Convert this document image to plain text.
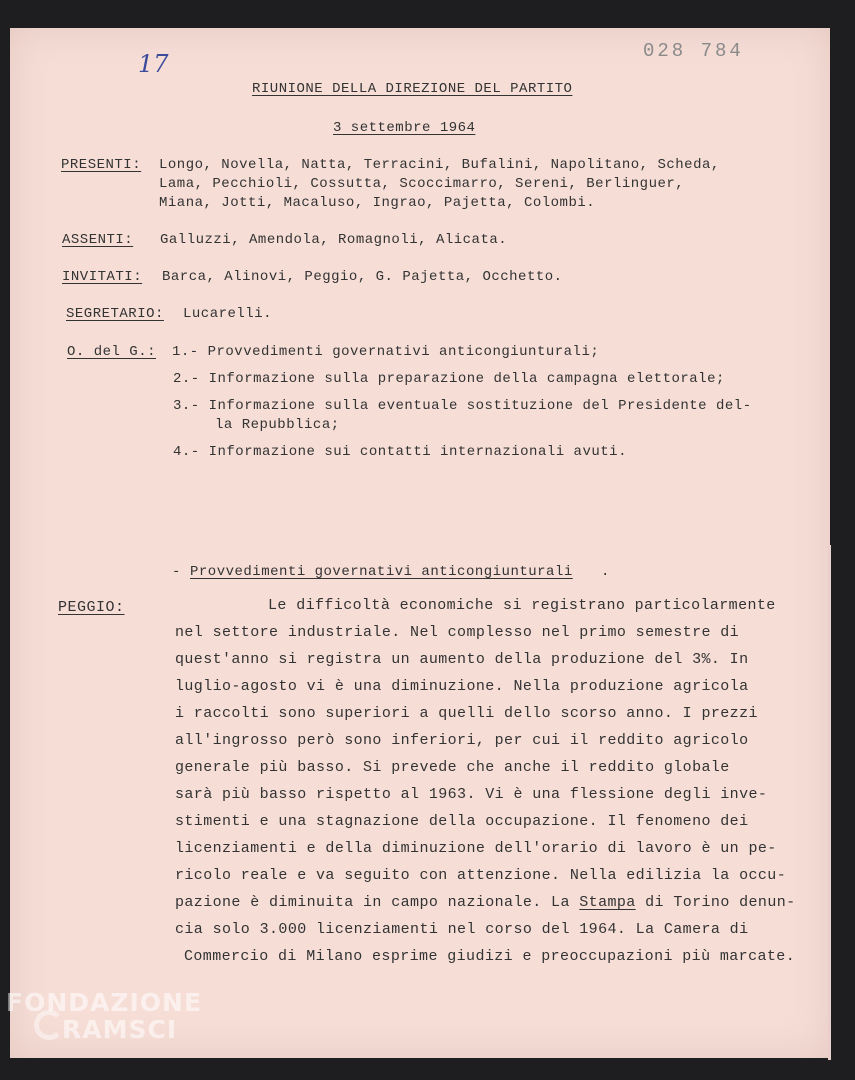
17	028 784
RIUNIONE DELLA DIREZIONE DEL PARTITO
3 settembre 1964
PRESENTI: Longo, Novella, Natta, Terracini, Bufalini, Napolitano, Scheda,
Lama, Pecchioli, Cossutta, Scoccimarro, Sereni, Berlinguer,
Miana, Jotti, Macaluso, Ingrao, Pajetta, Colombi.
ASSENTI: Galluzzi, Amendola, Romagnoli, Alicata.
INVITATI: Barca, Alinovi, Peggio, G. Pajetta, Occhetto.
SEGRETARIO: Lucarelli.
O. del G.: 1.- Provvedimenti governativi anticongiunturali;
2.- Informazione sulla preparazione della campagna elettorale;
3.- Informazione sulla eventuale sostituzione del Presidente del-
la Repubblica;
4.- Informazione sui contatti internazionali avuti.
- Provvedimenti governativi anticongiunturali .
PEGGIO:	Le difficoltà economiche si registrano particolarmente
nel settore industriale. Nel complesso nel primo semestre di
quest'anno si registra un aumento della produzione del 3%. In
luglio-agosto vi è una diminuzione. Nella produzione agricola
i raccolti sono superiori a quelli dello scorso anno. I prezzi
all'ingrosso però sono inferiori, per cui il reddito agricolo
generale più basso. Si prevede che anche il reddito globale
sarà più basso rispetto al 1963. Vi è una flessione degli inve-
stimenti e una stagnazione della occupazione. Il fenomeno dei
licenziamenti e della diminuzione dell'orario di lavoro è un pe-
ricolo reale e va seguito con attenzione. Nella edilizia la occu-
pazione è diminuita in campo nazionale. La Stampa di Torino denun-
cia solo 3.000 licenziamenti nel corso del 1964. La Camera di
Commercio di Milano esprime giudizi e preoccupazioni più marcate.
FONDAZIONE
RAMSCI
